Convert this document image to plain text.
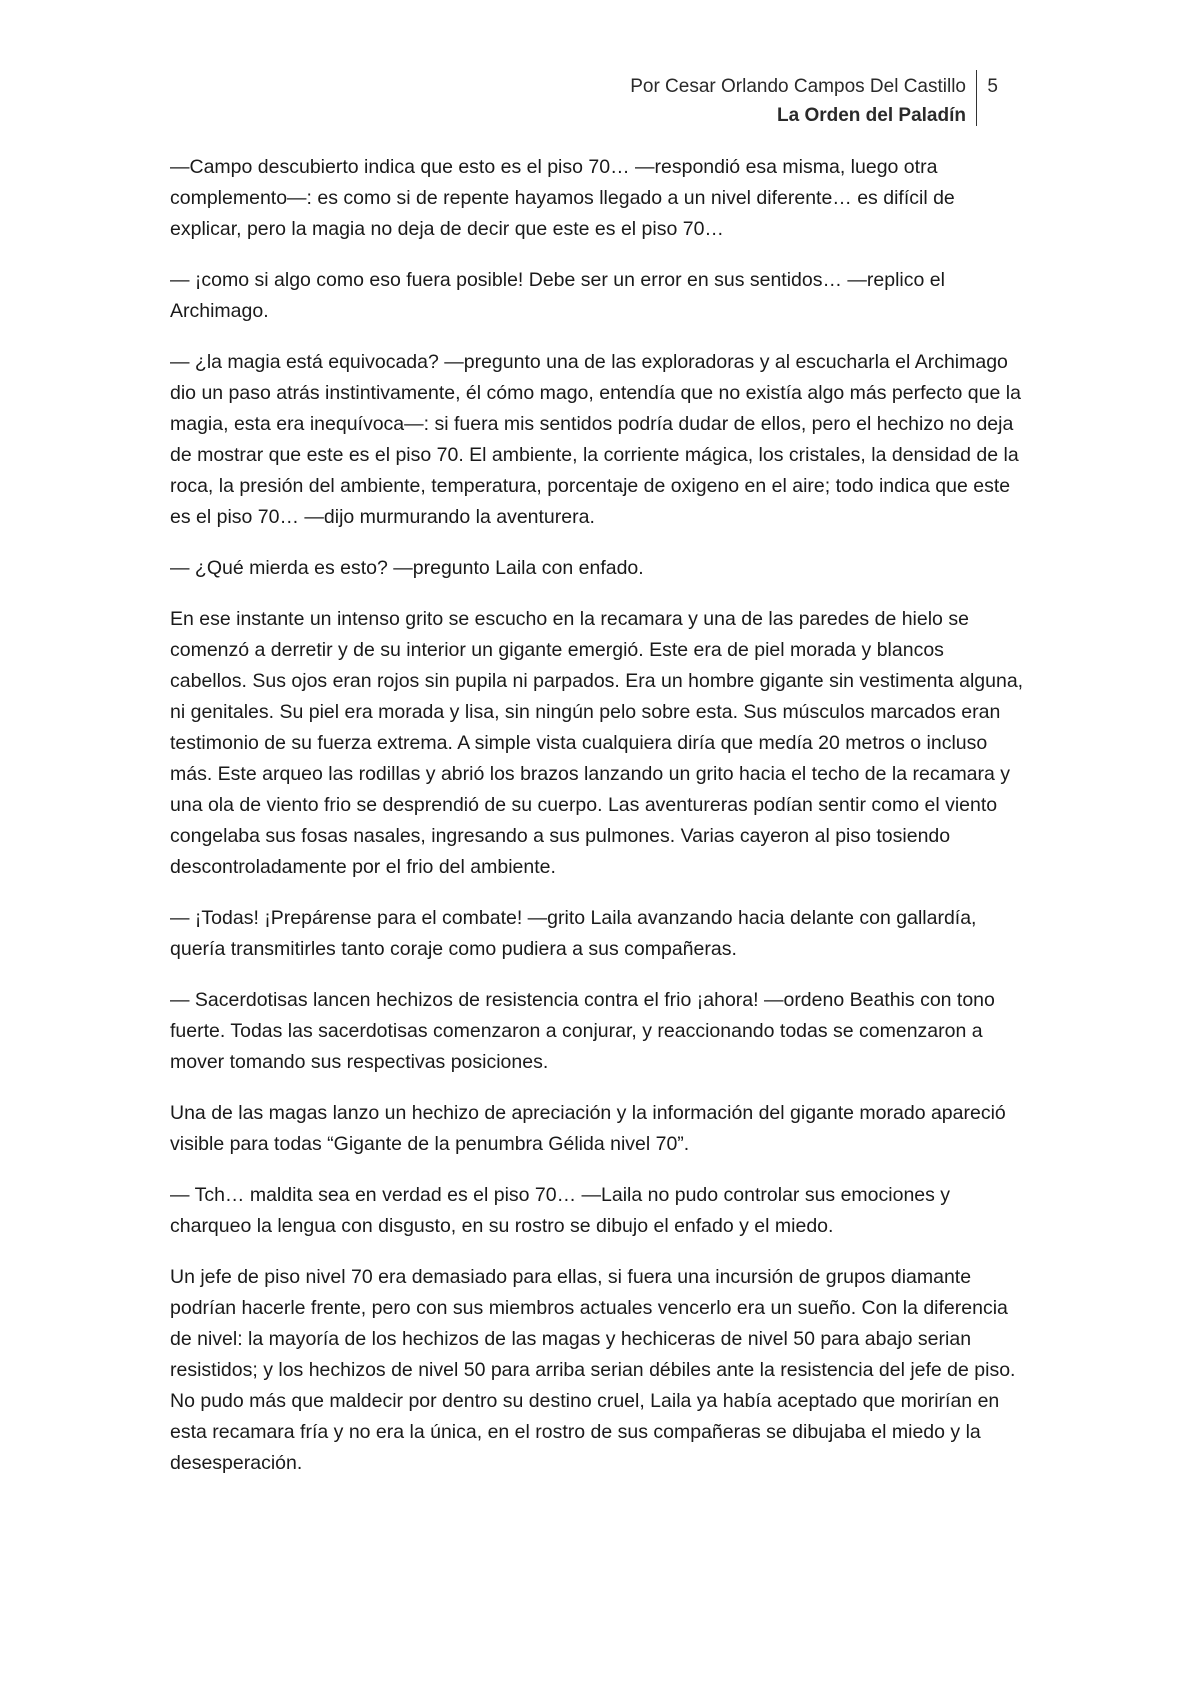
Por Cesar Orlando Campos Del Castillo
La Orden del Paladín
5

—Campo descubierto indica que esto es el piso 70… —respondió esa misma, luego otra complemento—: es como si de repente hayamos llegado a un nivel diferente… es difícil de explicar, pero la magia no deja de decir que este es el piso 70…

— ¡como si algo como eso fuera posible! Debe ser un error en sus sentidos… —replico el Archimago.

— ¿la magia está equivocada? —pregunto una de las exploradoras y al escucharla el Archimago dio un paso atrás instintivamente, él cómo mago, entendía que no existía algo más perfecto que la magia, esta era inequívoca—: si fuera mis sentidos podría dudar de ellos, pero el hechizo no deja de mostrar que este es el piso 70. El ambiente, la corriente mágica, los cristales, la densidad de la roca, la presión del ambiente, temperatura, porcentaje de oxigeno en el aire; todo indica que este es el piso 70… —dijo murmurando la aventurera.

— ¿Qué mierda es esto? —pregunto Laila con enfado.

En ese instante un intenso grito se escucho en la recamara y una de las paredes de hielo se comenzó a derretir y de su interior un gigante emergió. Este era de piel morada y blancos cabellos. Sus ojos eran rojos sin pupila ni parpados. Era un hombre gigante sin vestimenta alguna, ni genitales. Su piel era morada y lisa, sin ningún pelo sobre esta. Sus músculos marcados eran testimonio de su fuerza extrema. A simple vista cualquiera diría que medía 20 metros o incluso más. Este arqueo las rodillas y abrió los brazos lanzando un grito hacia el techo de la recamara y una ola de viento frio se desprendió de su cuerpo. Las aventureras podían sentir como el viento congelaba sus fosas nasales, ingresando a sus pulmones. Varias cayeron al piso tosiendo descontroladamente por el frio del ambiente.

— ¡Todas! ¡Prepárense para el combate! —grito Laila avanzando hacia delante con gallardía, quería transmitirles tanto coraje como pudiera a sus compañeras.

— Sacerdotisas lancen hechizos de resistencia contra el frio ¡ahora! —ordeno Beathis con tono fuerte. Todas las sacerdotisas comenzaron a conjurar, y reaccionando todas se comenzaron a mover tomando sus respectivas posiciones.

Una de las magas lanzo un hechizo de apreciación y la información del gigante morado apareció visible para todas “Gigante de la penumbra Gélida nivel 70”.

— Tch… maldita sea en verdad es el piso 70… —Laila no pudo controlar sus emociones y charqueo la lengua con disgusto, en su rostro se dibujo el enfado y el miedo.

Un jefe de piso nivel 70 era demasiado para ellas, si fuera una incursión de grupos diamante podrían hacerle frente, pero con sus miembros actuales vencerlo era un sueño. Con la diferencia de nivel: la mayoría de los hechizos de las magas y hechiceras de nivel 50 para abajo serian resistidos; y los hechizos de nivel 50 para arriba serian débiles ante la resistencia del jefe de piso. No pudo más que maldecir por dentro su destino cruel, Laila ya había aceptado que morirían en esta recamara fría y no era la única, en el rostro de sus compañeras se dibujaba el miedo y la desesperación.
